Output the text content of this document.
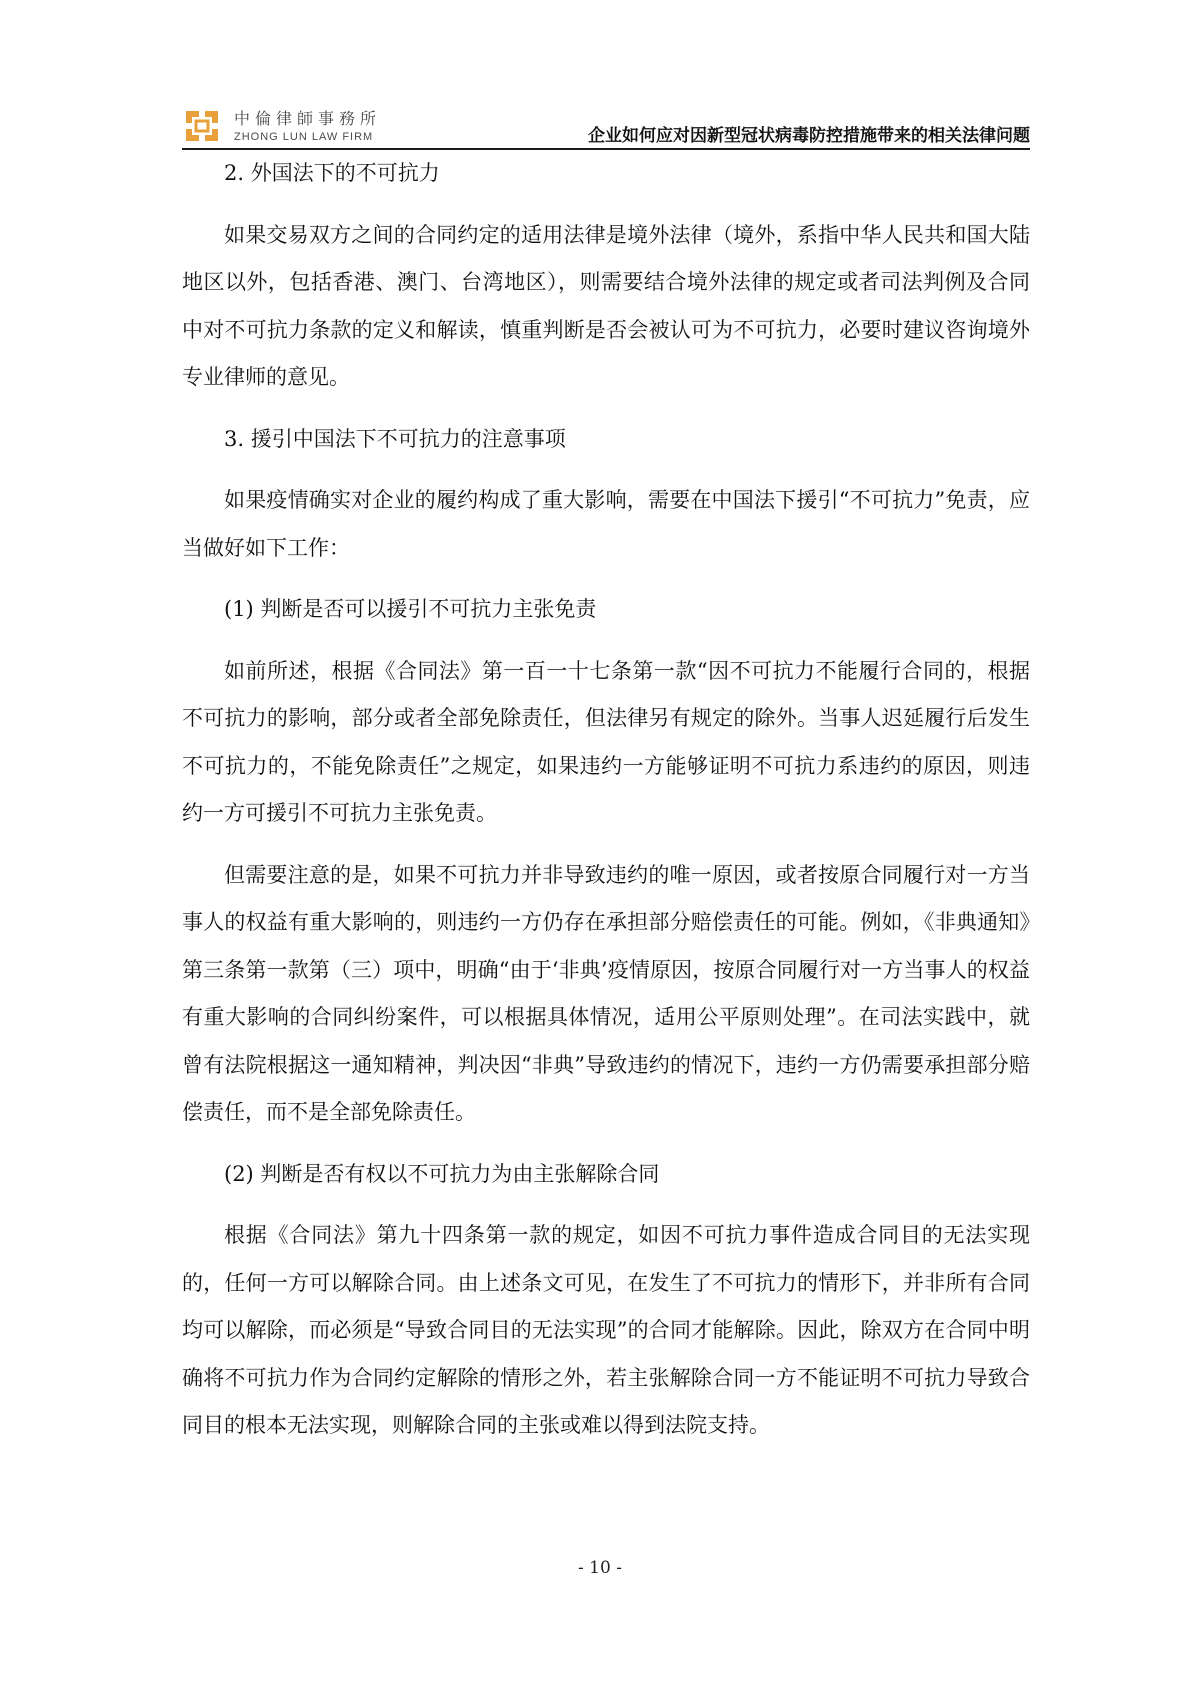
中倫律師事務所
ZHONG LUN LAW FIRM	企业如何应对因新型冠状病毒防控措施带来的相关法律问题

2. 外国法下的不可抗力

如果交易双方之间的合同约定的适用法律是境外法律（境外，系指中华人民共和国大陆地区以外，包括香港、澳门、台湾地区），则需要结合境外法律的规定或者司法判例及合同中对不可抗力条款的定义和解读，慎重判断是否会被认可为不可抗力，必要时建议咨询境外专业律师的意见。

3. 援引中国法下不可抗力的注意事项

如果疫情确实对企业的履约构成了重大影响，需要在中国法下援引“不可抗力”免责，应当做好如下工作：

(1) 判断是否可以援引不可抗力主张免责

如前所述，根据《合同法》第一百一十七条第一款“因不可抗力不能履行合同的，根据不可抗力的影响，部分或者全部免除责任，但法律另有规定的除外。当事人迟延履行后发生不可抗力的，不能免除责任”之规定，如果违约一方能够证明不可抗力系违约的原因，则违约一方可援引不可抗力主张免责。

但需要注意的是，如果不可抗力并非导致违约的唯一原因，或者按原合同履行对一方当事人的权益有重大影响的，则违约一方仍存在承担部分赔偿责任的可能。例如，《非典通知》第三条第一款第（三）项中，明确“由于‘非典’疫情原因，按原合同履行对一方当事人的权益有重大影响的合同纠纷案件，可以根据具体情况，适用公平原则处理”。在司法实践中，就曾有法院根据这一通知精神，判决因“非典”导致违约的情况下，违约一方仍需要承担部分赔偿责任，而不是全部免除责任。

(2) 判断是否有权以不可抗力为由主张解除合同

根据《合同法》第九十四条第一款的规定，如因不可抗力事件造成合同目的无法实现的，任何一方可以解除合同。由上述条文可见，在发生了不可抗力的情形下，并非所有合同均可以解除，而必须是“导致合同目的无法实现”的合同才能解除。因此，除双方在合同中明确将不可抗力作为合同约定解除的情形之外，若主张解除合同一方不能证明不可抗力导致合同目的根本无法实现，则解除合同的主张或难以得到法院支持。

- 10 -
